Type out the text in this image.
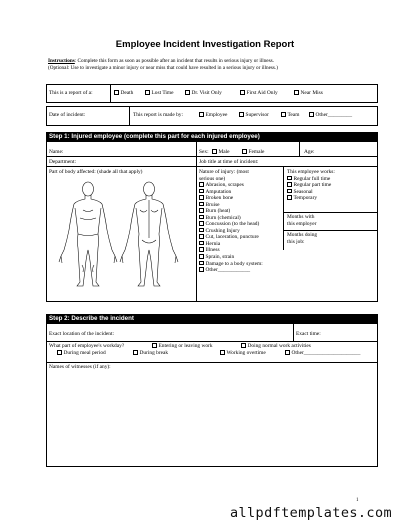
Employee Incident Investigation Report
Instructions: Complete this form as soon as possible after an incident that results in serious injury or illness.
(Optional: Use to investigate a minor injury or near miss that could have resulted in a serious injury or illness.)
This is a report of a:	Death	Lost Time	Dr. Visit Only	First Aid Only	Near Miss
Date of incident:	This report is made by:	Employee	Supervisor	Team	Other_________
Step 1: Injured employee (complete this part for each injured employee)
Name:	Sex:	Male	Female	Age:
Department:	Job title at time of incident:
Part of body affected: (shade all that apply)	Nature of injury: (most
serious one)
Abrasion, scrapes
Amputation
Broken bone
Bruise
Burn (heat)
Burn (chemical)
Concussion (to the head)
Crushing Injury
Cut, laceration, puncture
Hernia
Illness
Sprain, strain
Damage to a body system:
Other____________
This employee works:
Regular full time
Regular part time
Seasonal
Temporary
Months with
this employer
Months doing
this job:
Step 2: Describe the incident
Exact location of the incident:	Exact time:
What part of employee's workday?	Entering or leaving work	Doing normal work activities
During meal period	During break	Working overtime	Other_____________________
Names of witnesses (if any):
1
allpdftemplates.com
